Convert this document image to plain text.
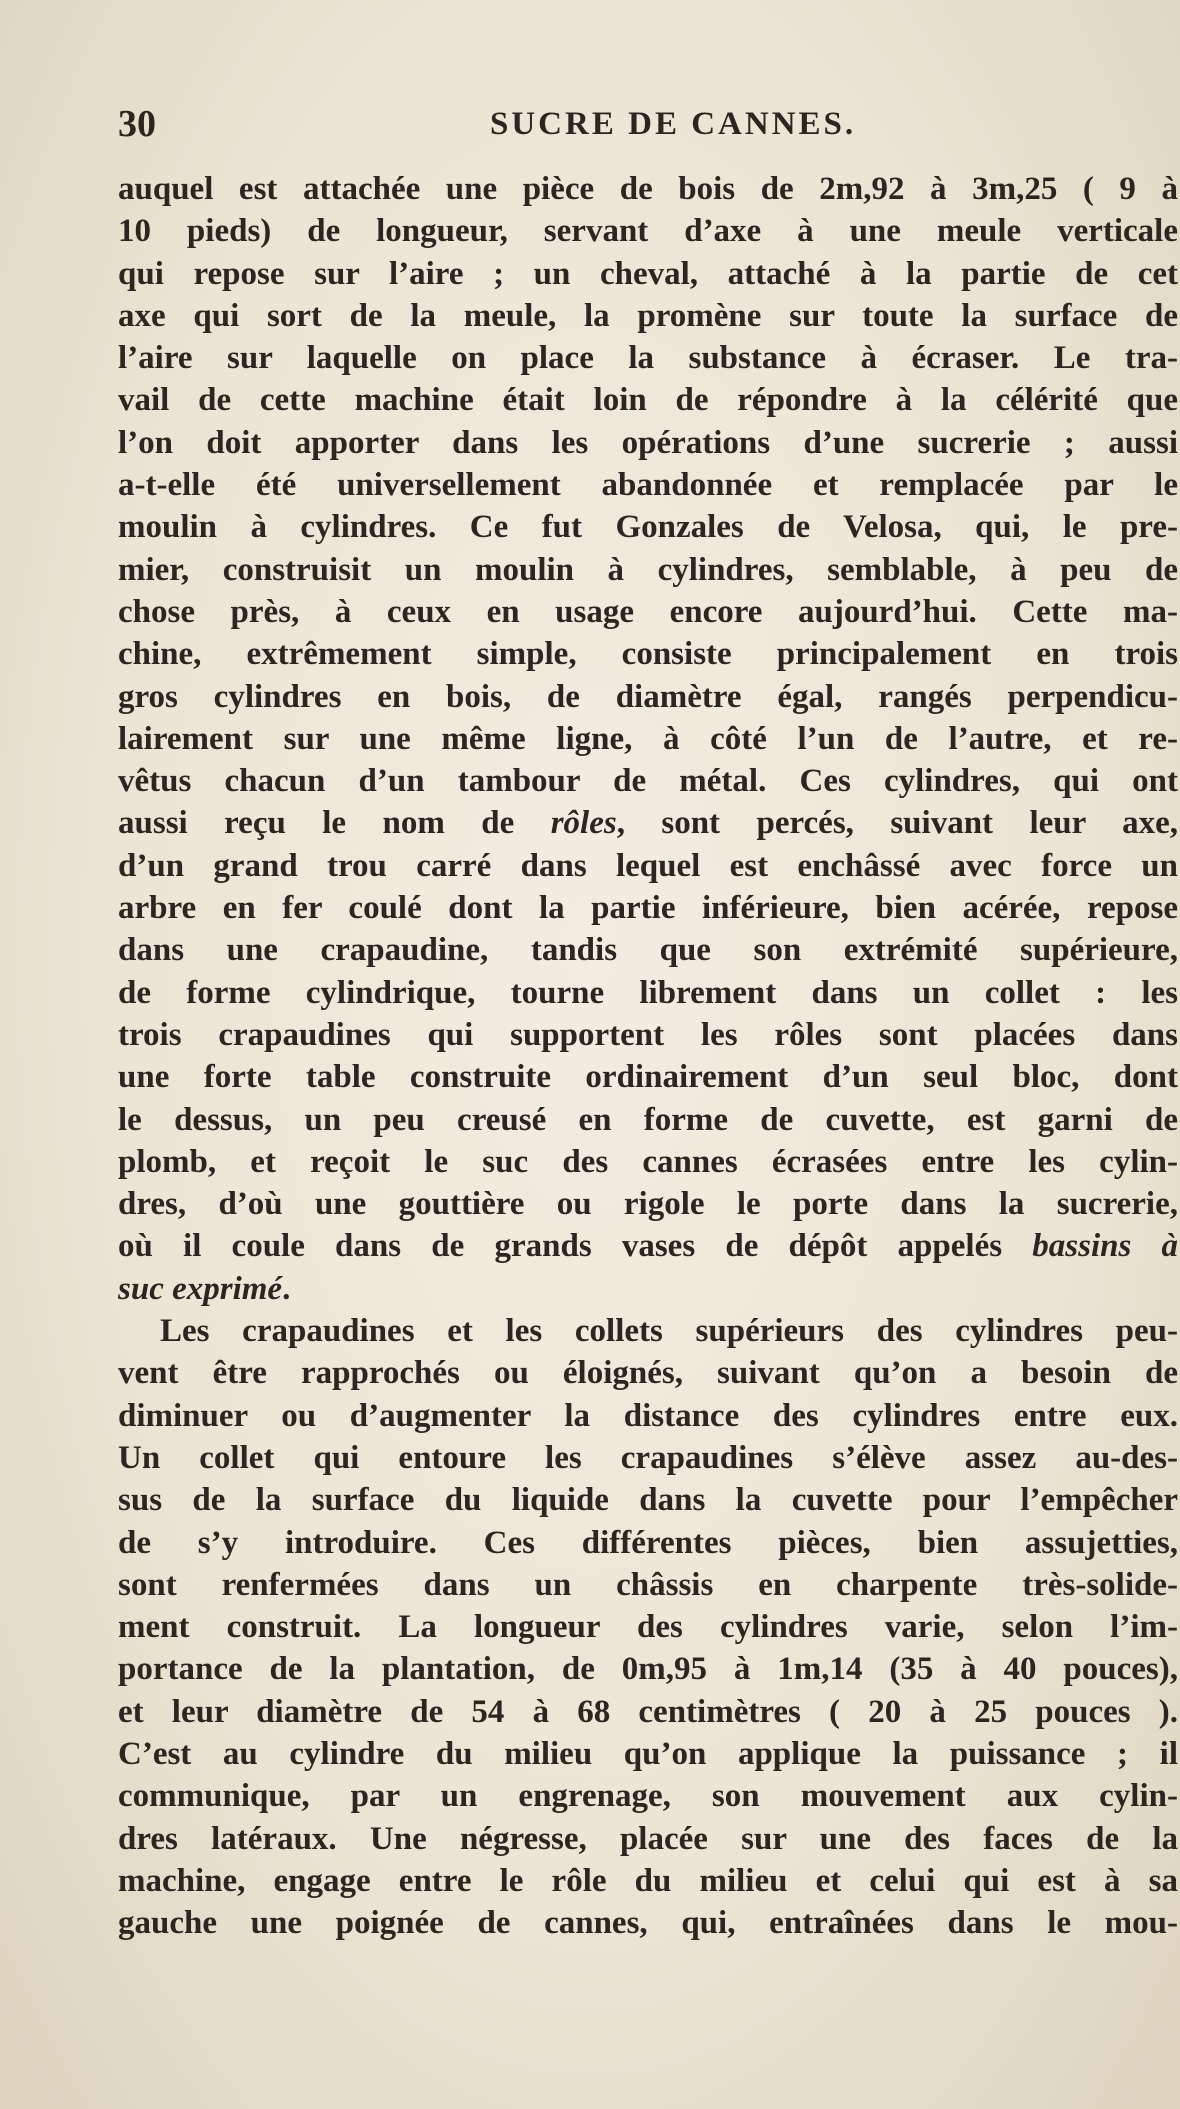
30	SUCRE DE CANNES.
auquel est attachée une pièce de bois de 2m,92 à 3m,25 ( 9 à
10 pieds) de longueur, servant d’axe à une meule verticale
qui repose sur l’aire ; un cheval, attaché à la partie de cet
axe qui sort de la meule, la promène sur toute la surface de
l’aire sur laquelle on place la substance à écraser. Le tra-
vail de cette machine était loin de répondre à la célérité que
l’on doit apporter dans les opérations d’une sucrerie ; aussi
a-t-elle été universellement abandonnée et remplacée par le
moulin à cylindres. Ce fut Gonzales de Velosa, qui, le pre-
mier, construisit un moulin à cylindres, semblable, à peu de
chose près, à ceux en usage encore aujourd’hui. Cette ma-
chine, extrêmement simple, consiste principalement en trois
gros cylindres en bois, de diamètre égal, rangés perpendicu-
lairement sur une même ligne, à côté l’un de l’autre, et re-
vêtus chacun d’un tambour de métal. Ces cylindres, qui ont
aussi reçu le nom de rôles, sont percés, suivant leur axe,
d’un grand trou carré dans lequel est enchâssé avec force un
arbre en fer coulé dont la partie inférieure, bien acérée, repose
dans une crapaudine, tandis que son extrémité supérieure,
de forme cylindrique, tourne librement dans un collet : les
trois crapaudines qui supportent les rôles sont placées dans
une forte table construite ordinairement d’un seul bloc, dont
le dessus, un peu creusé en forme de cuvette, est garni de
plomb, et reçoit le suc des cannes écrasées entre les cylin-
dres, d’où une gouttière ou rigole le porte dans la sucrerie,
où il coule dans de grands vases de dépôt appelés bassins à
suc exprimé.
Les crapaudines et les collets supérieurs des cylindres peu-
vent être rapprochés ou éloignés, suivant qu’on a besoin de
diminuer ou d’augmenter la distance des cylindres entre eux.
Un collet qui entoure les crapaudines s’élève assez au-des-
sus de la surface du liquide dans la cuvette pour l’empêcher
de s’y introduire. Ces différentes pièces, bien assujetties,
sont renfermées dans un châssis en charpente très-solide-
ment construit. La longueur des cylindres varie, selon l’im-
portance de la plantation, de 0m,95 à 1m,14 (35 à 40 pouces),
et leur diamètre de 54 à 68 centimètres ( 20 à 25 pouces ).
C’est au cylindre du milieu qu’on applique la puissance ; il
communique, par un engrenage, son mouvement aux cylin-
dres latéraux. Une négresse, placée sur une des faces de la
machine, engage entre le rôle du milieu et celui qui est à sa
gauche une poignée de cannes, qui, entraînées dans le mou-
